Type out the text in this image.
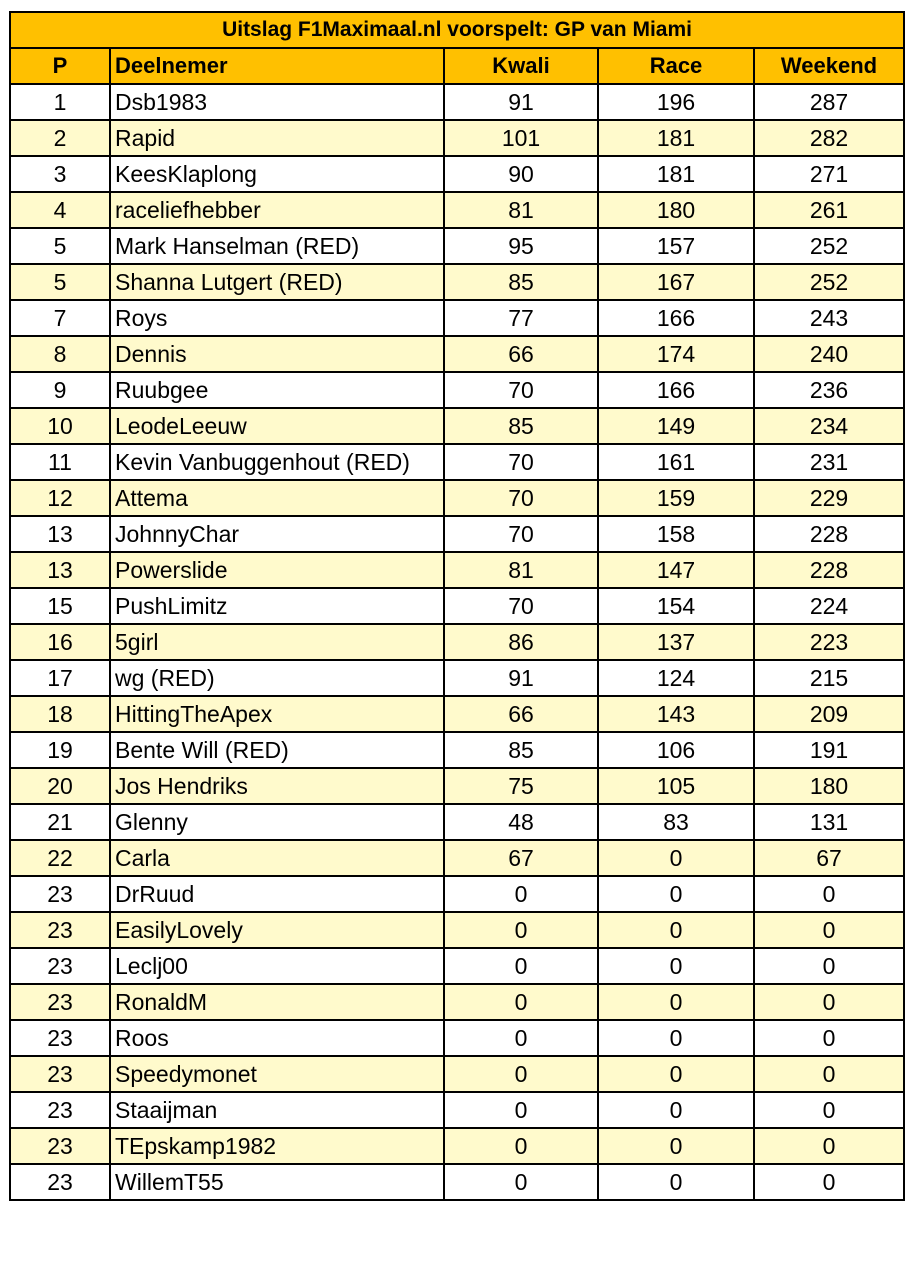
Uitslag F1Maximaal.nl voorspelt: GP van Miami				
P	Deelnemer	Kwali	Race	Weekend
1	Dsb1983	91	196	287
2	Rapid	101	181	282
3	KeesKlaplong	90	181	271
4	raceliefhebber	81	180	261
5	Mark Hanselman (RED)	95	157	252
5	Shanna Lutgert (RED)	85	167	252
7	Roys	77	166	243
8	Dennis	66	174	240
9	Ruubgee	70	166	236
10	LeodeLeeuw	85	149	234
11	Kevin Vanbuggenhout (RED)	70	161	231
12	Attema	70	159	229
13	JohnnyChar	70	158	228
13	Powerslide	81	147	228
15	PushLimitz	70	154	224
16	5girl	86	137	223
17	wg (RED)	91	124	215
18	HittingTheApex	66	143	209
19	Bente Will (RED)	85	106	191
20	Jos Hendriks	75	105	180
21	Glenny	48	83	131
22	Carla	67	0	67
23	DrRuud	0	0	0
23	EasilyLovely	0	0	0
23	Leclj00	0	0	0
23	RonaldM	0	0	0
23	Roos	0	0	0
23	Speedymonet	0	0	0
23	Staaijman	0	0	0
23	TEpskamp1982	0	0	0
23	WillemT55	0	0	0
